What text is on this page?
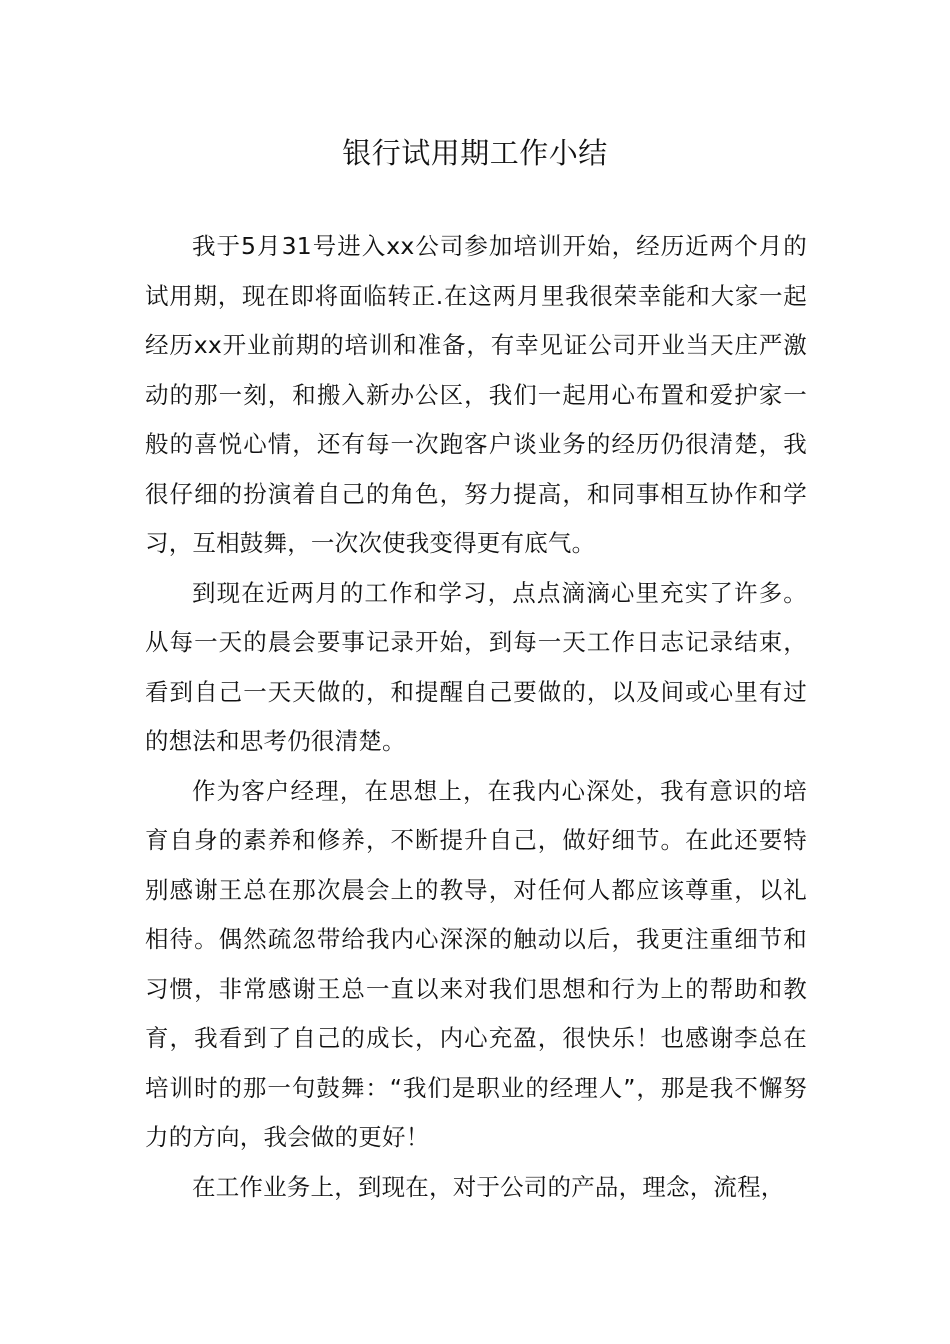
银行试用期工作小结

我于5月31号进入xx公司参加培训开始，经历近两个月的试用期，现在即将面临转正.在这两月里我很荣幸能和大家一起经历xx开业前期的培训和准备，有幸见证公司开业当天庄严激动的那一刻，和搬入新办公区，我们一起用心布置和爱护家一般的喜悦心情，还有每一次跑客户谈业务的经历仍很清楚，我很仔细的扮演着自己的角色，努力提高，和同事相互协作和学习，互相鼓舞，一次次使我变得更有底气。

到现在近两月的工作和学习，点点滴滴心里充实了许多。从每一天的晨会要事记录开始，到每一天工作日志记录结束，看到自己一天天做的，和提醒自己要做的，以及间或心里有过的想法和思考仍很清楚。

作为客户经理，在思想上，在我内心深处，我有意识的培育自身的素养和修养，不断提升自己，做好细节。在此还要特别感谢王总在那次晨会上的教导，对任何人都应该尊重，以礼相待。偶然疏忽带给我内心深深的触动以后，我更注重细节和习惯，非常感谢王总一直以来对我们思想和行为上的帮助和教育，我看到了自己的成长，内心充盈，很快乐！也感谢李总在培训时的那一句鼓舞：“我们是职业的经理人”，那是我不懈努力的方向，我会做的更好！

在工作业务上，到现在，对于公司的产品，理念，流程，
